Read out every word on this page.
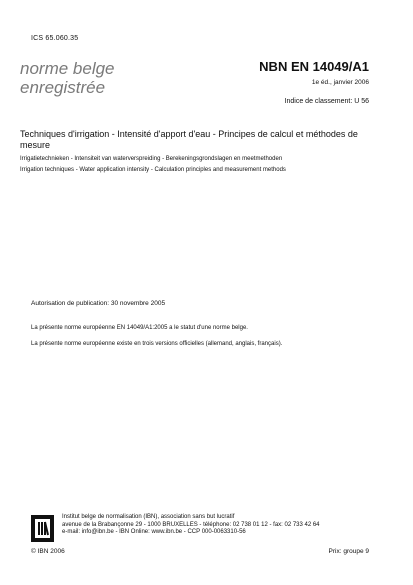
ICS 65.060.35
norme belge
enregistrée
NBN EN 14049/A1
1e éd., janvier 2006
Indice de classement: U 56
Techniques d'irrigation - Intensité d'apport d'eau - Principes de calcul et méthodes de mesure
Irrigatietechnieken - Intensiteit van waterverspreiding - Berekeningsgrondslagen en meetmethoden
Irrigation techniques - Water application intensity - Calculation principles and measurement methods
Autorisation de publication: 30 novembre 2005
La présente norme européenne EN 14049/A1:2005 a le statut d'une norme belge.
La présente norme européenne existe en trois versions officielles (allemand, anglais, français).
Institut belge de normalisation (IBN), association sans but lucratif
avenue de la Brabançonne 29 - 1000 BRUXELLES - téléphone: 02 738 01 12 - fax: 02 733 42 64
e-mail: info@ibn.be - IBN Online: www.ibn.be - CCP 000-0063310-56
© IBN 2006	Prix: groupe 9
